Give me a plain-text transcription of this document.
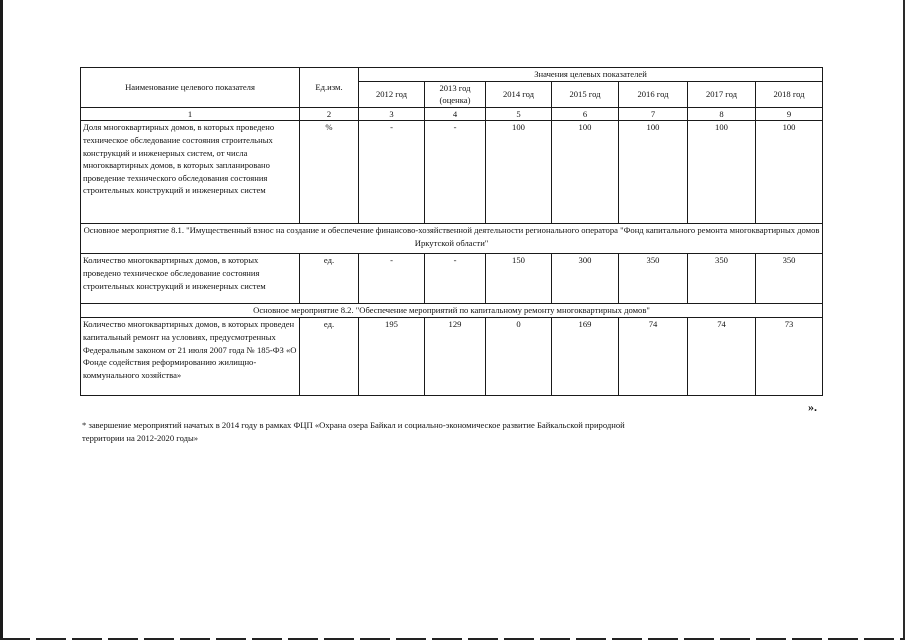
Наименование целевого показателя	Ед.изм.	Значения целевых показателей						
		2012 год	2013 год (оценка)	2014 год	2015 год	2016 год	2017 год	2018 год
1	2	3	4	5	6	7	8	9
Доля многоквартирных домов, в которых проведено техническое обследование состояния строительных конструкций и инженерных систем, от числа многоквартирных домов, в которых запланировано проведение технического обследования состояния строительных конструкций и инженерных систем	%	-	-	100	100	100	100	100
Основное мероприятие 8.1. "Имущественный взнос на создание и обеспечение финансово-хозяйственной деятельности регионального оператора "Фонд капитального ремонта многоквартирных домов Иркутской области"								
Количество многоквартирных домов, в которых проведено техническое обследование состояния строительных конструкций и инженерных систем	ед.	-	-	150	300	350	350	350
Основное мероприятие 8.2. "Обеспечение мероприятий по капитальному ремонту многоквартирных домов"								
Количество многоквартирных домов, в которых проведен капитальный ремонт на условиях, предусмотренных Федеральным законом от 21 июля 2007 года № 185-ФЗ «О Фонде содействия реформированию жилищно-коммунального хозяйства»	ед.	195	129	0	169	74	74	73
».
* завершение мероприятий начатых в 2014 году в рамках ФЦП «Охрана озера Байкал и социально-экономическое развитие Байкальской природной территории на 2012-2020 годы»
